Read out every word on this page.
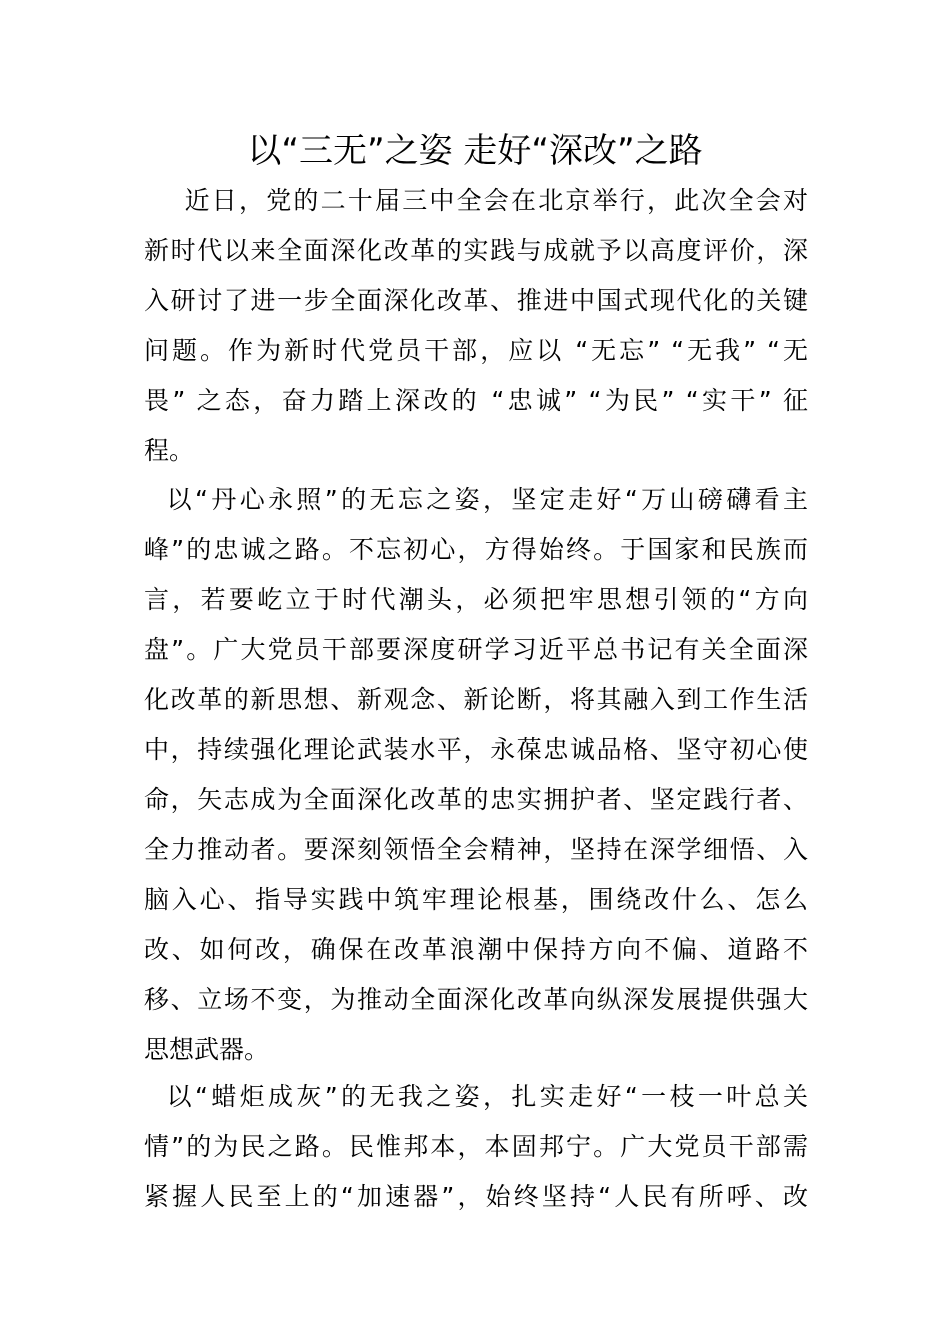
以“三无”之姿 走好“深改”之路
近日，党的二十届三中全会在北京举行，此次全会对
新时代以来全面深化改革的实践与成就予以高度评价，深
入研讨了进一步全面深化改革、推进中国式现代化的关键
问题。作为新时代党员干部，应以 “无忘” “无我” “无
畏” 之态，奋力踏上深改的 “忠诚” “为民” “实干” 征
程。
以“丹心永照”的无忘之姿，坚定走好“万山磅礴看主
峰”的忠诚之路。不忘初心，方得始终。于国家和民族而
言，若要屹立于时代潮头，必须把牢思想引领的“方向
盘”。广大党员干部要深度研学习近平总书记有关全面深
化改革的新思想、新观念、新论断，将其融入到工作生活
中，持续强化理论武装水平，永葆忠诚品格、坚守初心使
命，矢志成为全面深化改革的忠实拥护者、坚定践行者、
全力推动者。要深刻领悟全会精神，坚持在深学细悟、入
脑入心、指导实践中筑牢理论根基，围绕改什么、怎么
改、如何改，确保在改革浪潮中保持方向不偏、道路不
移、立场不变，为推动全面深化改革向纵深发展提供强大
思想武器。
以“蜡炬成灰”的无我之姿，扎实走好“一枝一叶总关
情”的为民之路。民惟邦本，本固邦宁。广大党员干部需
紧握人民至上的“加速器”，始终坚持“人民有所呼、改
